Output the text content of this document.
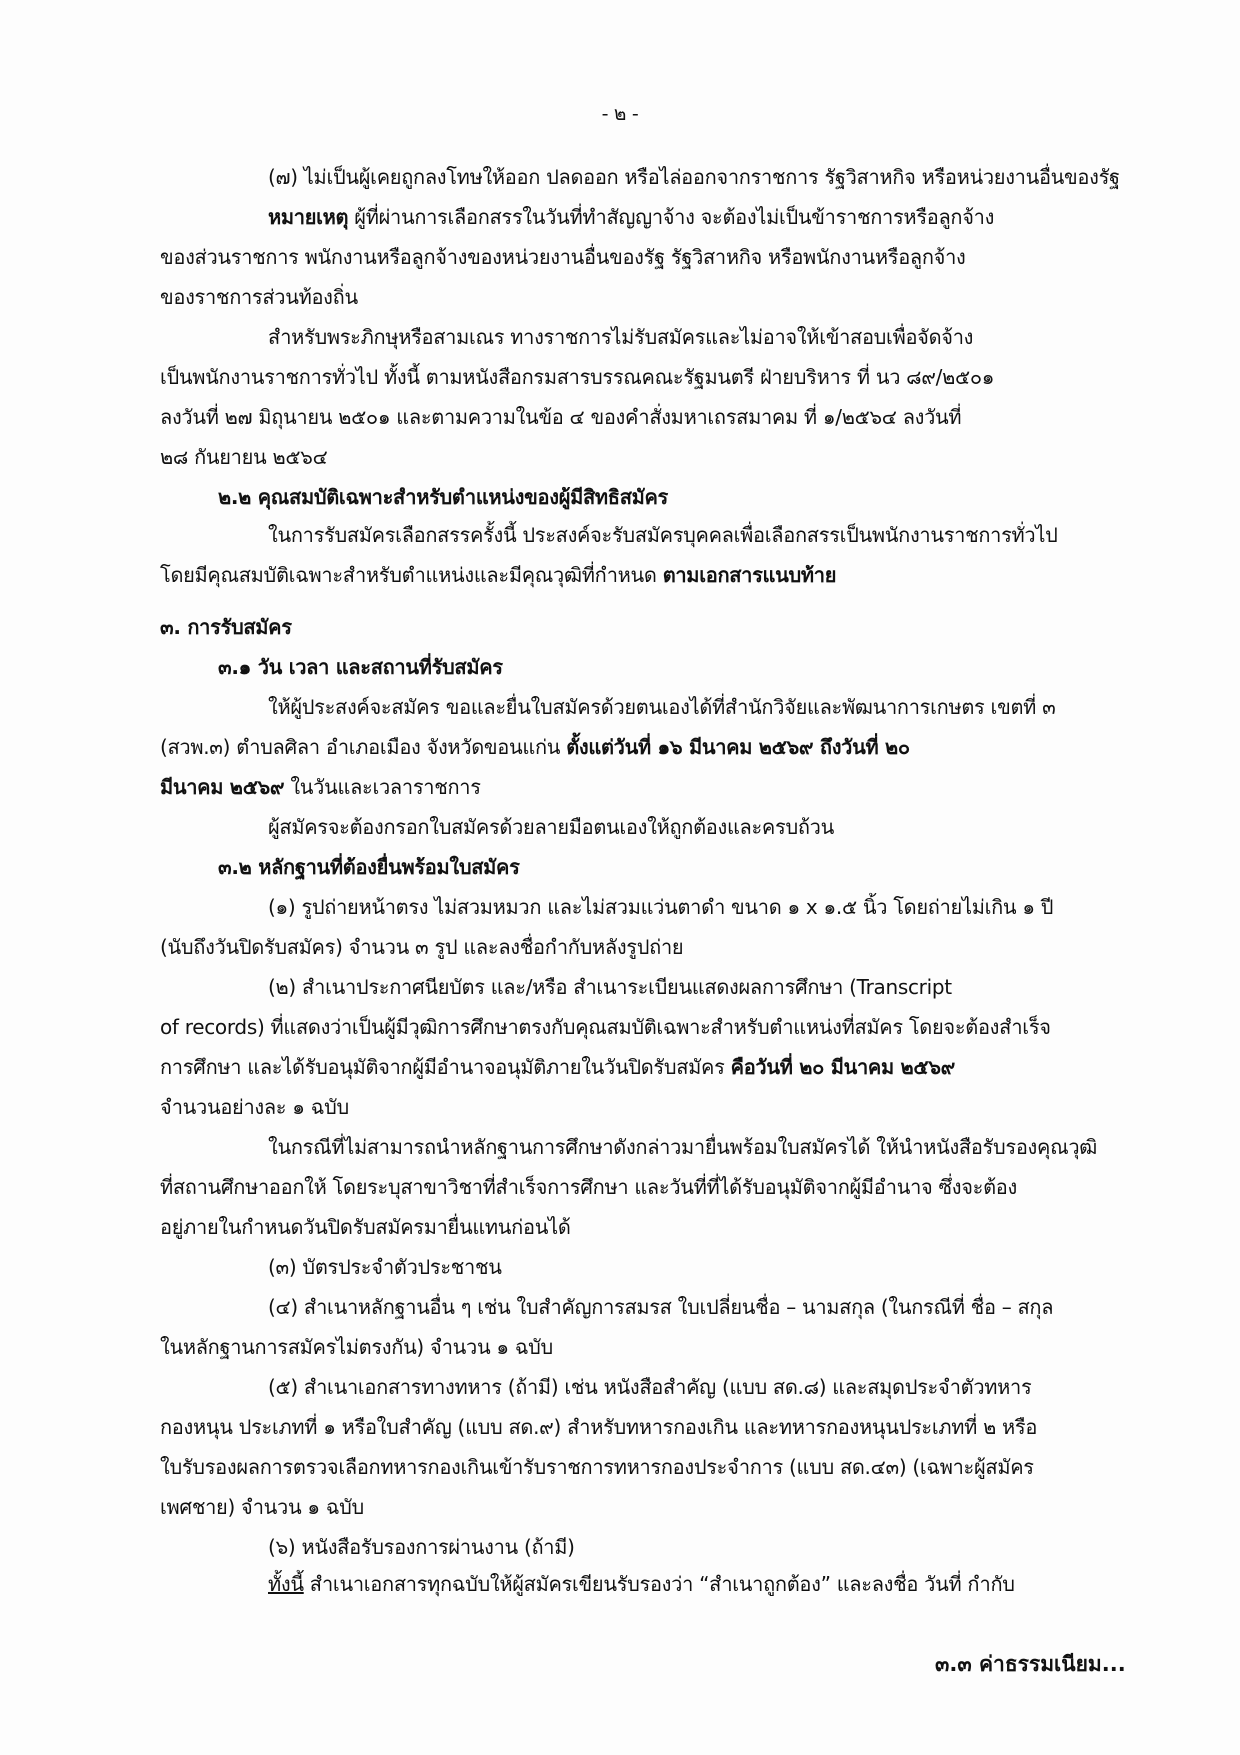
- ๒ -
(๗) ไม่เป็นผู้เคยถูกลงโทษให้ออก ปลดออก หรือไล่ออกจากราชการ รัฐวิสาหกิจ หรือหน่วยงานอื่นของรัฐ
หมายเหตุ ผู้ที่ผ่านการเลือกสรรในวันที่ทำสัญญาจ้าง จะต้องไม่เป็นข้าราชการหรือลูกจ้าง
ของส่วนราชการ พนักงานหรือลูกจ้างของหน่วยงานอื่นของรัฐ รัฐวิสาหกิจ หรือพนักงานหรือลูกจ้าง
ของราชการส่วนท้องถิ่น
สำหรับพระภิกษุหรือสามเณร ทางราชการไม่รับสมัครและไม่อาจให้เข้าสอบเพื่อจัดจ้าง
เป็นพนักงานราชการทั่วไป ทั้งนี้ ตามหนังสือกรมสารบรรณคณะรัฐมนตรี ฝ่ายบริหาร ที่ นว ๘๙/๒๕๐๑
ลงวันที่ ๒๗ มิถุนายน ๒๕๐๑ และตามความในข้อ ๔ ของคำสั่งมหาเถรสมาคม ที่ ๑/๒๕๖๔ ลงวันที่
๒๘ กันยายน ๒๕๖๔
๒.๒ คุณสมบัติเฉพาะสำหรับตำแหน่งของผู้มีสิทธิสมัคร
ในการรับสมัครเลือกสรรครั้งนี้ ประสงค์จะรับสมัครบุคคลเพื่อเลือกสรรเป็นพนักงานราชการทั่วไป
โดยมีคุณสมบัติเฉพาะสำหรับตำแหน่งและมีคุณวุฒิที่กำหนด ตามเอกสารแนบท้าย
๓. การรับสมัคร
๓.๑ วัน เวลา และสถานที่รับสมัคร
ให้ผู้ประสงค์จะสมัคร ขอและยื่นใบสมัครด้วยตนเองได้ที่สำนักวิจัยและพัฒนาการเกษตร เขตที่ ๓
(สวพ.๓) ตำบลศิลา อำเภอเมือง จังหวัดขอนแก่น ตั้งแต่วันที่ ๑๖ มีนาคม ๒๕๖๙ ถึงวันที่ ๒๐
มีนาคม ๒๕๖๙ ในวันและเวลาราชการ
ผู้สมัครจะต้องกรอกใบสมัครด้วยลายมือตนเองให้ถูกต้องและครบถ้วน
๓.๒ หลักฐานที่ต้องยื่นพร้อมใบสมัคร
(๑) รูปถ่ายหน้าตรง ไม่สวมหมวก และไม่สวมแว่นตาดำ ขนาด ๑ x ๑.๕ นิ้ว โดยถ่ายไม่เกิน ๑ ปี
(นับถึงวันปิดรับสมัคร) จำนวน ๓ รูป และลงชื่อกำกับหลังรูปถ่าย
(๒) สำเนาประกาศนียบัตร และ/หรือ สำเนาระเบียนแสดงผลการศึกษา (Transcript
of records) ที่แสดงว่าเป็นผู้มีวุฒิการศึกษาตรงกับคุณสมบัติเฉพาะสำหรับตำแหน่งที่สมัคร โดยจะต้องสำเร็จ
การศึกษา และได้รับอนุมัติจากผู้มีอำนาจอนุมัติภายในวันปิดรับสมัคร คือวันที่ ๒๐ มีนาคม ๒๕๖๙
จำนวนอย่างละ ๑ ฉบับ
ในกรณีที่ไม่สามารถนำหลักฐานการศึกษาดังกล่าวมายื่นพร้อมใบสมัครได้ ให้นำหนังสือรับรองคุณวุฒิ
ที่สถานศึกษาออกให้ โดยระบุสาขาวิชาที่สำเร็จการศึกษา และวันที่ที่ได้รับอนุมัติจากผู้มีอำนาจ ซึ่งจะต้อง
อยู่ภายในกำหนดวันปิดรับสมัครมายื่นแทนก่อนได้
(๓) บัตรประจำตัวประชาชน
(๔) สำเนาหลักฐานอื่น ๆ เช่น ใบสำคัญการสมรส ใบเปลี่ยนชื่อ – นามสกุล (ในกรณีที่ ชื่อ – สกุล
ในหลักฐานการสมัครไม่ตรงกัน) จำนวน ๑ ฉบับ
(๕) สำเนาเอกสารทางทหาร (ถ้ามี) เช่น หนังสือสำคัญ (แบบ สด.๘) และสมุดประจำตัวทหาร
กองหนุน ประเภทที่ ๑ หรือใบสำคัญ (แบบ สด.๙) สำหรับทหารกองเกิน และทหารกองหนุนประเภทที่ ๒ หรือ
ใบรับรองผลการตรวจเลือกทหารกองเกินเข้ารับราชการทหารกองประจำการ (แบบ สด.๔๓) (เฉพาะผู้สมัคร
เพศชาย) จำนวน ๑ ฉบับ
(๖) หนังสือรับรองการผ่านงาน (ถ้ามี)
ทั้งนี้ สำเนาเอกสารทุกฉบับให้ผู้สมัครเขียนรับรองว่า “สำเนาถูกต้อง” และลงชื่อ วันที่ กำกับ
๓.๓ ค่าธรรมเนียม...
